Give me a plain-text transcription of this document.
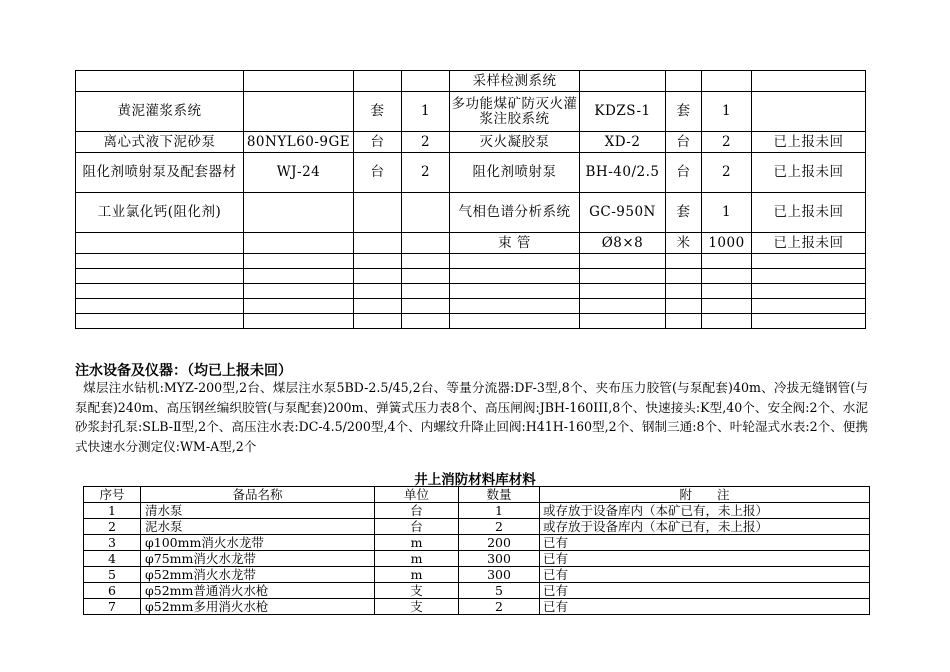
				采样检测系统				
黄泥灌浆系统		套	1	多功能煤矿防灭火灌浆注胶系统	KDZS-1	套	1	
离心式液下泥砂泵	80NYL60-9GE	台	2	灭火凝胶泵	XD-2	台	2	已上报未回
阻化剂喷射泵及配套器材	WJ-24	台	2	阻化剂喷射泵	BH-40/2.5	台	2	已上报未回
工业氯化钙(阻化剂)				气相色谱分析系统	GC-950N	套	1	已上报未回
				束 管	Ø8×8	米	1000	已上报未回

注水设备及仪器：（均已上报未回）
煤层注水钻机:MYZ-200型,2台、煤层注水泵5BD-2.5/45,2台、等量分流器:DF-3型,8个、夹布压力胶管(与泵配套)40m、冷拔无缝钢管(与泵配套)240m、高压钢丝编织胶管(与泵配套)200m、弹簧式压力表8个、高压闸阀:JBH-160III,8个、快速接头:K型,40个、安全阀:2个、水泥砂浆封孔泵:SLB-Ⅱ型,2个、高压注水表:DC-4.5/200型,4个、内螺纹升降止回阀:H41H-160型,2个、钢制三通:8个、叶轮湿式水表:2个、便携式快速水分测定仪:WM-A型,2个
井上消防材料库材料
序号	备品名称	单位	数量	附　　注
1	清水泵	台	1	或存放于设备库内（本矿已有，未上报）
2	泥水泵	台	2	或存放于设备库内（本矿已有，未上报）
3	φ100mm消火水龙带	m	200	已有
4	φ75mm消火水龙带	m	300	已有
5	φ52mm消火水龙带	m	300	已有
6	φ52mm普通消火水枪	支	5	已有
7	φ52mm多用消火水枪	支	2	已有
